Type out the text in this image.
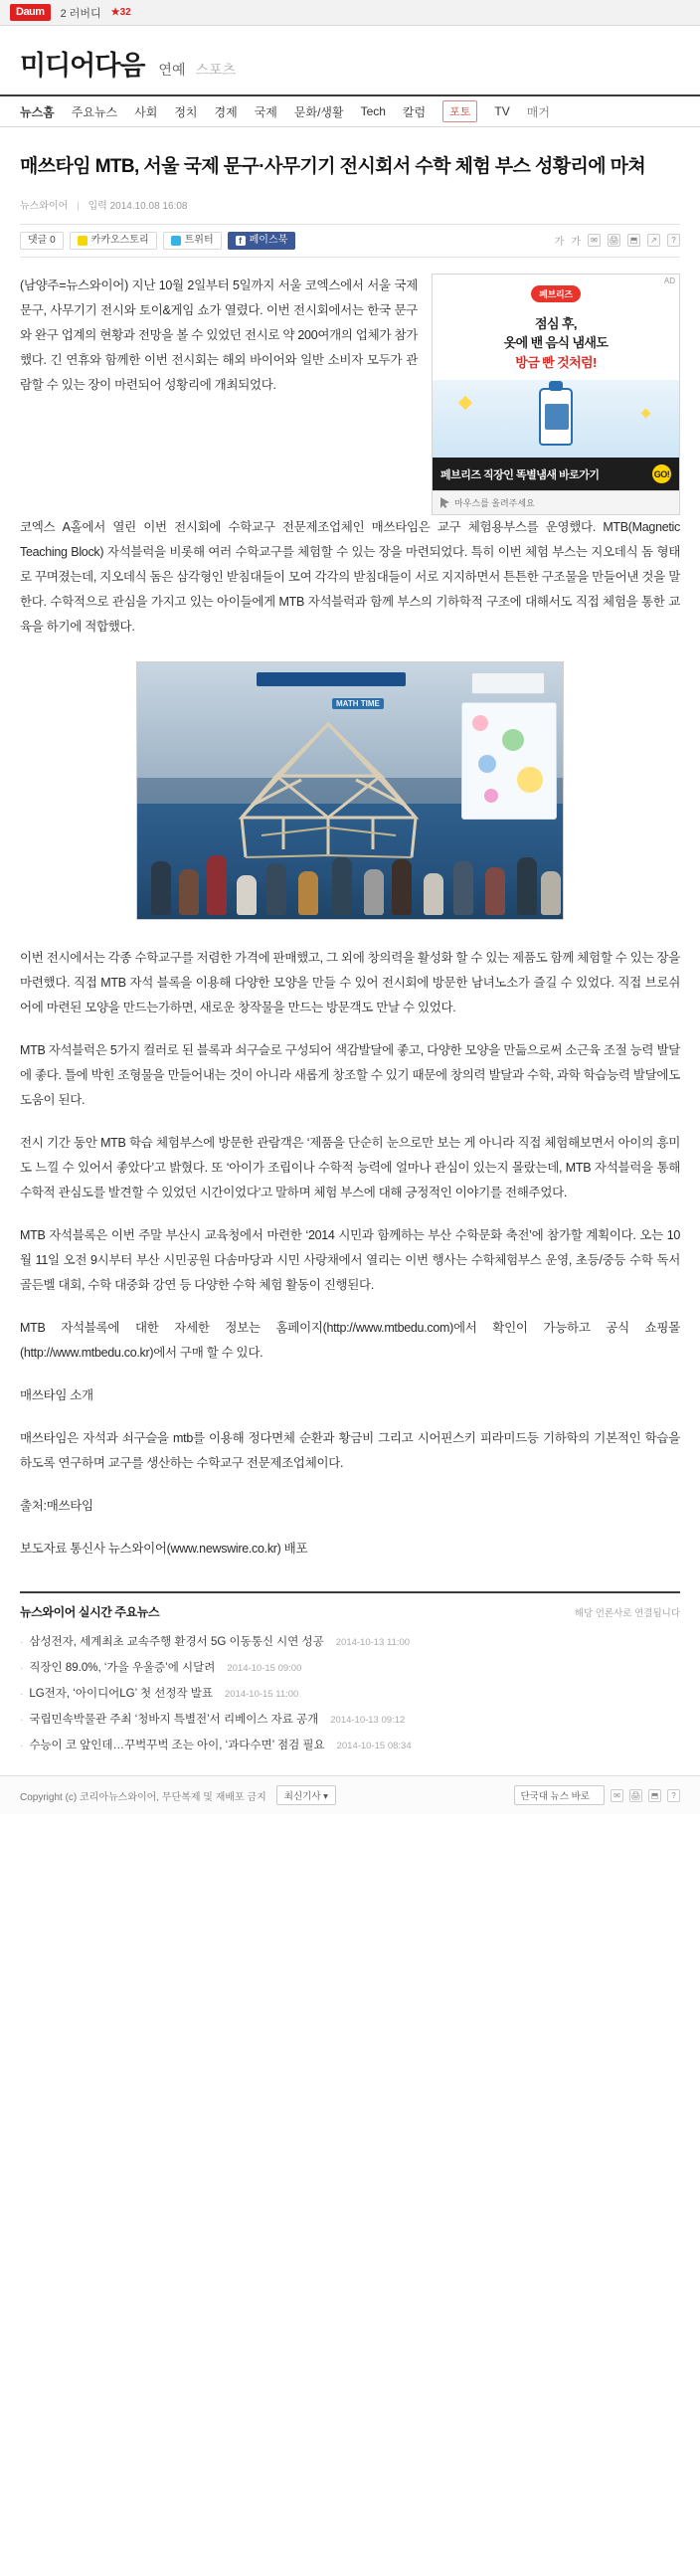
Daum	2 러버디 ★32
미디어다음 연예 스포츠
뉴스홈 주요뉴스 사회 정치 경제 국제 문화/생활 Tech 칼럼	포토	TV 매거
매쓰타임 MTB, 서울 국제 문구·사무기기 전시회서 수학 체험 부스 성황리에 마쳐
뉴스와이어 | 입력 2014.10.08 16:08
댓글 0	카카오스토리	트위터	f 페이스북	가 가	✉	🖨	⬒	↗	?

(남양주=뉴스와이어) 지난 10월 2일부터 5일까지 서울 코엑스에서 서울 국제 문구, 사무기기 전시와 토이&게임 쇼가 열렸다. 이번 전시회에서는 한국 문구와 완구 업계의 현황과 전망을 볼 수 있었던 전시로 약 200여개의 업체가 참가했다. 긴 연휴와 함께한 이번 전시회는 해외 바이어와 일반 소비자 모두가 관람할 수 있는 장이 마련되어 성황리에 개최되었다.

AD
페브리즈
점심 후,
옷에 밴 음식 냄새도
방금 빤 것처럼!
페브리즈 직장인 똑별냄새 바로가기	GO!
마우스를 올려주세요

코엑스 A홀에서 열린 이번 전시회에 수학교구 전문제조업체인 매쓰타임은 교구 체험용부스를 운영했다. MTB(Magnetic Teaching Block) 자석블럭을 비롯해 여러 수학교구를 체험할 수 있는 장을 마련되었다. 특히 이번 체험 부스는 지오데식 돔 형태로 꾸며졌는데, 지오데식 돔은 삼각형인 받침대들이 모여 각각의 받침대들이 서로 지지하면서 튼튼한 구조물을 만들어낸 것을 말한다. 수학적으로 관심을 가지고 있는 아이들에게 MTB 자석블럭과 함께 부스의 기하학적 구조에 대해서도 직접 체험을 통한 교육을 하기에 적합했다.

MATH TIME

이번 전시에서는 각종 수학교구를 저렴한 가격에 판매했고, 그 외에 창의력을 활성화 할 수 있는 제품도 함께 체험할 수 있는 장을 마련했다. 직접 MTB 자석 블록을 이용해 다양한 모양을 만들 수 있어 전시회에 방문한 남녀노소가 즐길 수 있었다. 직접 브로쉬어에 마련된 모양을 만드는가하면, 새로운 창작물을 만드는 방문객도 만날 수 있었다.

MTB 자석블럭은 5가지 컬러로 된 블록과 쇠구슬로 구성되어 색감발달에 좋고, 다양한 모양을 만듦으로써 소근육 조절 능력 발달에 좋다. 틀에 박힌 조형물을 만들어내는 것이 아니라 새롭게 창조할 수 있기 때문에 창의력 발달과 수학, 과학 학습능력 발달에도 도움이 된다.

전시 기간 동안 MTB 학습 체험부스에 방문한 관람객은 ‘제품을 단순히 눈으로만 보는 게 아니라 직접 체험해보면서 아이의 흥미도 느낄 수 있어서 좋았다’고 밝혔다. 또 ‘아이가 조립이나 수학적 능력에 얼마나 관심이 있는지 몰랐는데, MTB 자석블럭을 통해 수학적 관심도를 발견할 수 있었던 시간이었다’고 말하며 체험 부스에 대해 긍정적인 이야기를 전해주었다.

MTB 자석블록은 이번 주말 부산시 교육청에서 마련한 ‘2014 시민과 함께하는 부산 수학문화 축전’에 참가할 계획이다. 오는 10월 11일 오전 9시부터 부산 시민공원 다솜마당과 시민 사랑채에서 열리는 이번 행사는 수학체험부스 운영, 초등/중등 수학 독서 골든벨 대회, 수학 대중화 강연 등 다양한 수학 체험 활동이 진행된다.

MTB 자석블록에 대한 자세한 정보는 홈페이지(http://www.mtbedu.com)에서 확인이 가능하고 공식 쇼핑몰(http://www.mtbedu.co.kr)에서 구매 할 수 있다.

매쓰타임 소개

매쓰타임은 자석과 쇠구슬을 mtb를 이용해 정다면체 순환과 황금비 그리고 시어핀스키 피라미드등 기하학의 기본적인 학습을 하도록 연구하며 교구를 생산하는 수학교구 전문제조업체이다.

출처:매쓰타임

보도자료 통신사 뉴스와이어(www.newswire.co.kr) 배포

뉴스와이어 실시간 주요뉴스	해당 언론사로 연결됩니다
· 삼성전자, 세계최초 교속주행 환경서 5G 이동통신 시연 성공 2014-10-13 11:00
· 직장인 89.0%, ‘가을 우울증’에 시달려 2014-10-15 09:00
· LG전자, ‘아이디어LG’ 첫 선정작 발표 2014-10-15 11:00
· 국립민속박물관 주최 ‘청바지 특별전’서 리베이스 자료 공개 2014-10-13 09:12
· 수능이 코 앞인데…꾸벅꾸벅 조는 아이, ‘과다수면’ 점검 필요 2014-10-15 08:34
Copyright (c) 코리아뉴스와이어, 무단복제 및 재배포 금지	최신기사 ▾	단국대 뉴스 바로	✉	🖨	⬒	?
